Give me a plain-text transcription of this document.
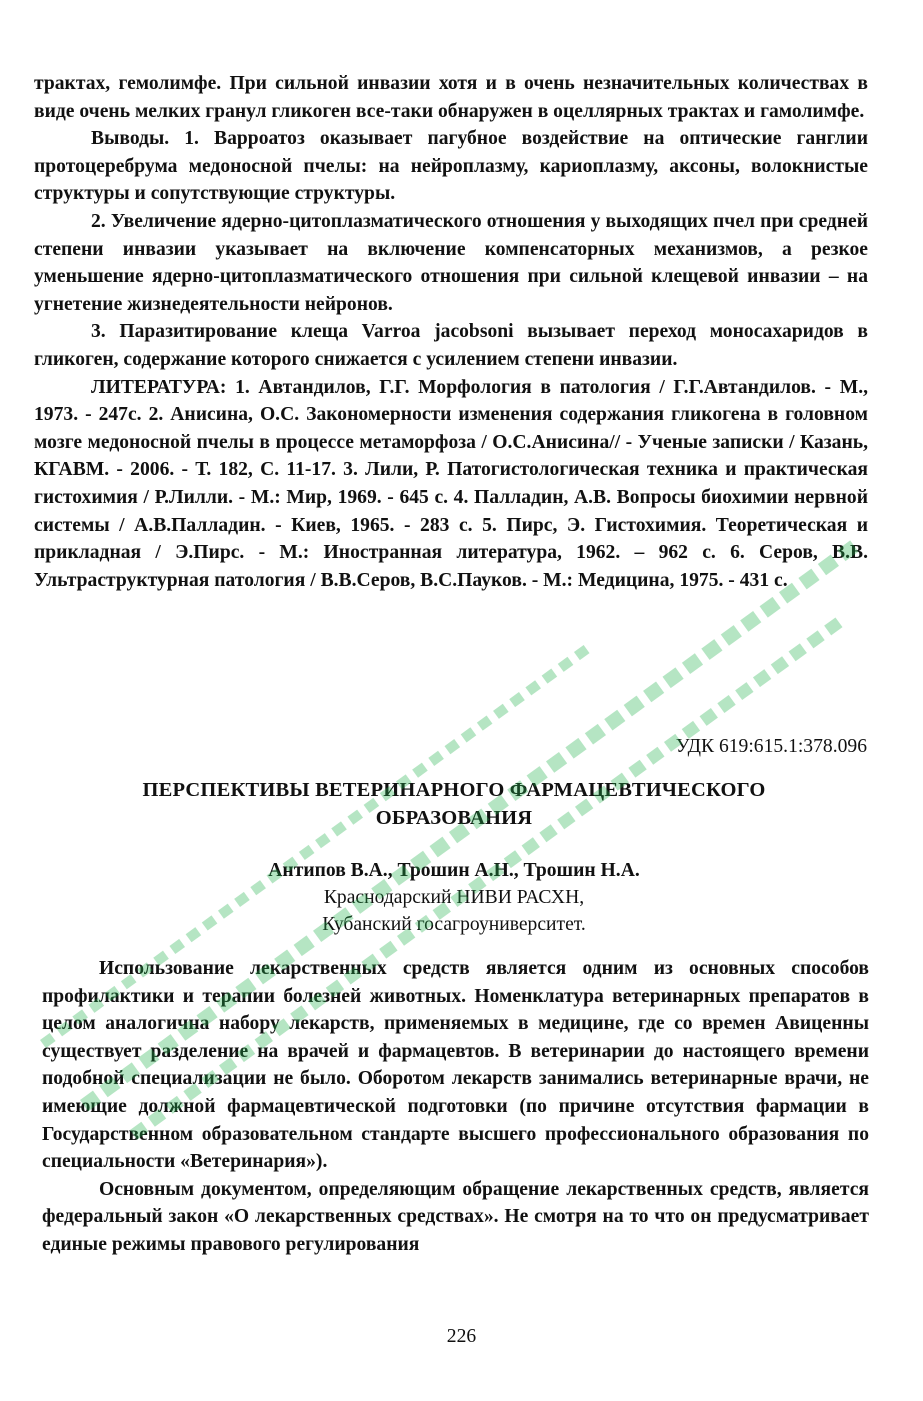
трактах, гемолимфе. При сильной инвазии хотя и в очень незначительных количествах в виде очень мелких гранул гликоген все-таки обнаружен в оцеллярных трактах и гамолимфе.

Выводы. 1. Варроатоз оказывает пагубное воздействие на оптические ганглии протоцеребрума медоносной пчелы: на нейроплазму, кариоплазму, аксоны, волокнистые структуры и сопутствующие структуры.

2. Увеличение ядерно-цитоплазматического отношения у выходящих пчел при средней степени инвазии указывает на включение компенсаторных механизмов, а резкое уменьшение ядерно-цитоплазматического отношения при сильной клещевой инвазии – на угнетение жизнедеятельности нейронов.

3. Паразитирование клеща Varroa jacobsoni вызывает переход моносахаридов в гликоген, содержание которого снижается с усилением степени инвазии.

ЛИТЕРАТУРА: 1. Автандилов, Г.Г. Морфология в патология / Г.Г.Автандилов. - М., 1973. - 247с. 2. Анисина, О.С. Закономерности изменения содержания гликогена в головном мозге медоносной пчелы в процессе метаморфоза / О.С.Анисина// - Ученые записки / Казань, КГАВМ. - 2006. - Т. 182, С. 11-17. 3. Лили, Р. Патогистологическая техника и практическая гистохимия / Р.Лилли. - М.: Мир, 1969. - 645 с. 4. Палладин, А.В. Вопросы биохимии нервной системы / А.В.Палладин. - Киев, 1965. - 283 с. 5. Пирс, Э. Гистохимия. Теоретическая и прикладная / Э.Пирс. - М.: Иностранная литература, 1962. – 962 с. 6. Серов, В.В. Ультраструктурная патология / В.В.Серов, В.С.Пауков. - М.: Медицина, 1975. - 431 с.

УДК 619:615.1:378.096
ПЕРСПЕКТИВЫ ВЕТЕРИНАРНОГО ФАРМАЦЕВТИЧЕСКОГО
ОБРАЗОВАНИЯ
Антипов В.А., Трошин А.Н., Трошин Н.А.
Краснодарский НИВИ РАСХН,
Кубанский госагроуниверситет.

Использование лекарственных средств является одним из основных способов профилактики и терапии болезней животных. Номенклатура ветеринарных препаратов в целом аналогична набору лекарств, применяемых в медицине, где со времен Авиценны существует разделение на врачей и фармацевтов. В ветеринарии до настоящего времени подобной специализации не было. Оборотом лекарств занимались ветеринарные врачи, не имеющие должной фармацевтической подготовки (по причине отсутствия фармации в Государственном образовательном стандарте высшего профессионального образования по специальности «Ветеринария»).

Основным документом, определяющим обращение лекарственных средств, является федеральный закон «О лекарственных средствах». Не смотря на то что он предусматривает единые режимы правового регулирования

226
